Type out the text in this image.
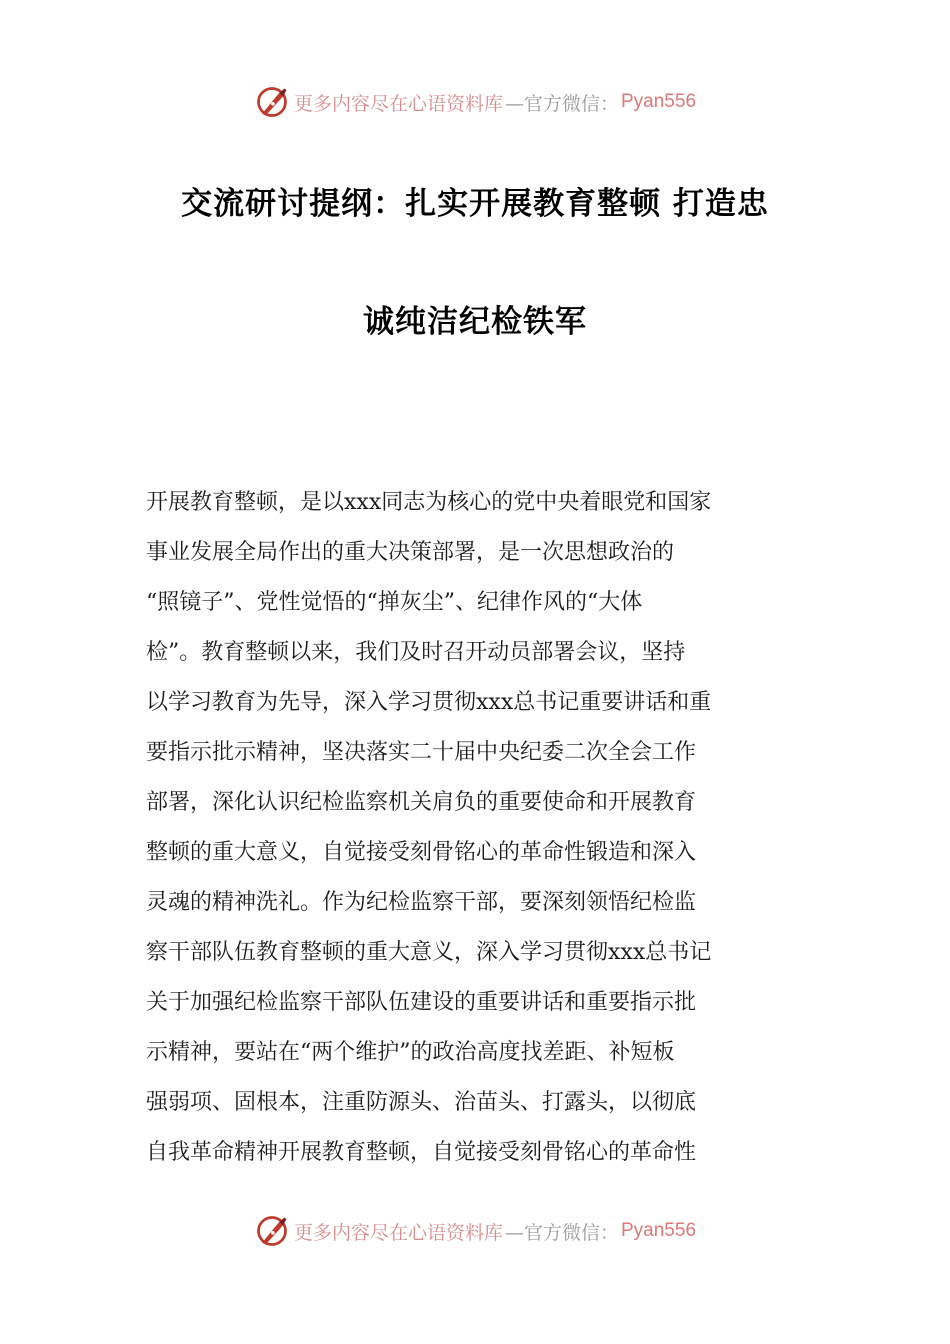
更多内容尽在心语资料库 —官方微信： Pyan556
交流研讨提纲：扎实开展教育整顿 打造忠
诚纯洁纪检铁军
开展教育整顿，是以xxx同志为核心的党中央着眼党和国家
事业发展全局作出的重大决策部署，是一次思想政治的
“照镜子”、党性觉悟的“掸灰尘”、纪律作风的“大体
检”。教育整顿以来，我们及时召开动员部署会议，坚持
以学习教育为先导，深入学习贯彻xxx总书记重要讲话和重
要指示批示精神，坚决落实二十届中央纪委二次全会工作
部署，深化认识纪检监察机关肩负的重要使命和开展教育
整顿的重大意义，自觉接受刻骨铭心的革命性锻造和深入
灵魂的精神洗礼。作为纪检监察干部，要深刻领悟纪检监
察干部队伍教育整顿的重大意义，深入学习贯彻xxx总书记
关于加强纪检监察干部队伍建设的重要讲话和重要指示批
示精神，要站在“两个维护”的政治高度找差距、补短板
强弱项、固根本，注重防源头、治苗头、打露头，以彻底
自我革命精神开展教育整顿，自觉接受刻骨铭心的革命性
更多内容尽在心语资料库 —官方微信： Pyan556
